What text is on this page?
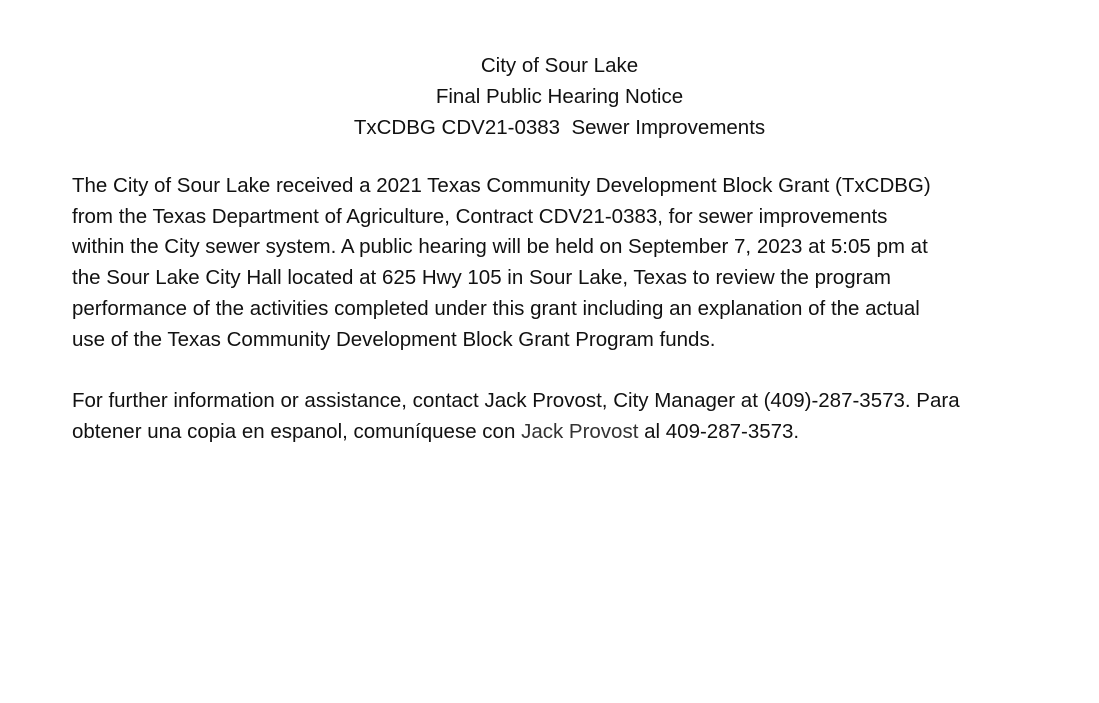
City of Sour Lake
Final Public Hearing Notice
TxCDBG CDV21-0383  Sewer Improvements

The City of Sour Lake received a 2021 Texas Community Development Block Grant (TxCDBG)
from the Texas Department of Agriculture, Contract CDV21-0383, for sewer improvements
within the City sewer system. A public hearing will be held on September 7, 2023 at 5:05 pm at
the Sour Lake City Hall located at 625 Hwy 105 in Sour Lake, Texas to review the program
performance of the activities completed under this grant including an explanation of the actual
use of the Texas Community Development Block Grant Program funds.

For further information or assistance, contact Jack Provost, City Manager at (409)-287-3573. Para
obtener una copia en espanol, comuníquese con Jack Provost al 409-287-3573.
